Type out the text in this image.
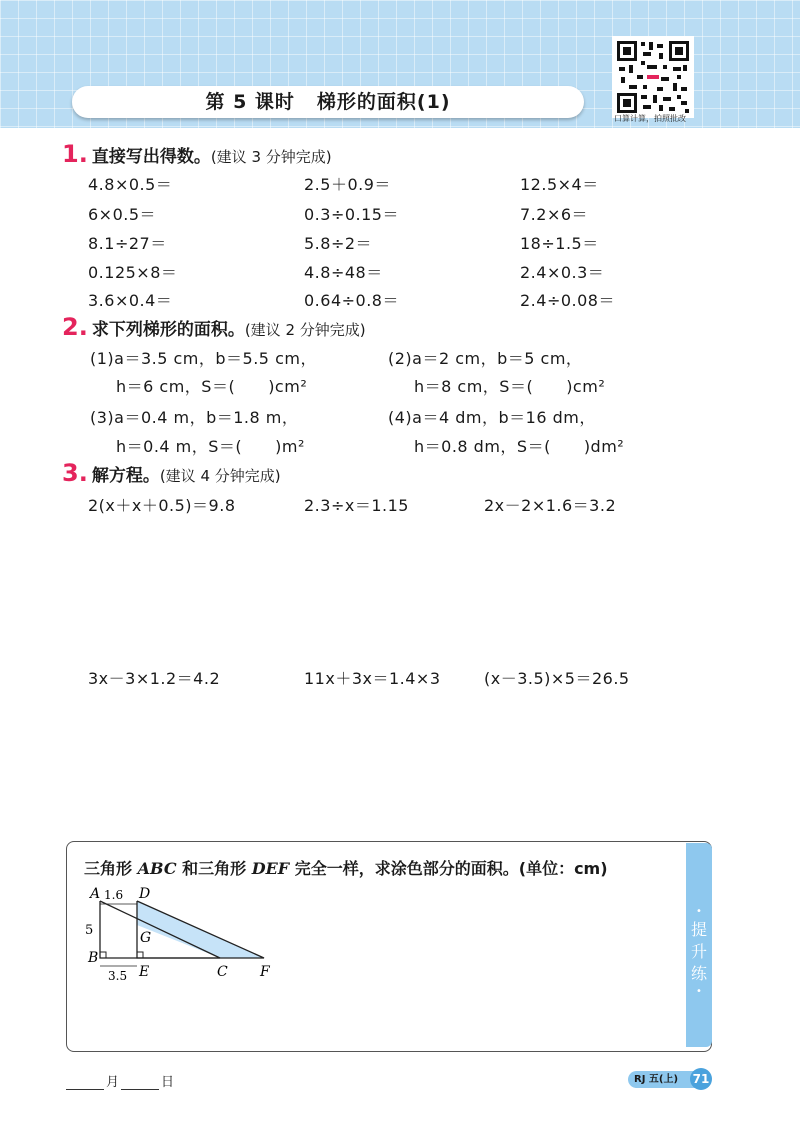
第 5 课时 梯形的面积(1)
口算计算，拍照批改
1. 直接写出得数。(建议 3 分钟完成)
4.8×0.5＝	2.5＋0.9＝	12.5×4＝
6×0.5＝	0.3÷0.15＝	7.2×6＝
8.1÷27＝	5.8÷2＝	18÷1.5＝
0.125×8＝	4.8÷48＝	2.4×0.3＝
3.6×0.4＝	0.64÷0.8＝	2.4÷0.08＝
2. 求下列梯形的面积。(建议 2 分钟完成)
(1)a＝3.5 cm，b＝5.5 cm，
h＝6 cm，S＝(　　)cm²
(2)a＝2 cm，b＝5 cm，
h＝8 cm，S＝(　　)cm²
(3)a＝0.4 m，b＝1.8 m，
h＝0.4 m，S＝(　　)m²
(4)a＝4 dm，b＝16 dm，
h＝0.8 dm，S＝(　　)dm²
3. 解方程。(建议 4 分钟完成)
2(x＋x＋0.5)＝9.8	2.3÷x＝1.15	2x－2×1.6＝3.2
3x－3×1.2＝4.2	11x＋3x＝1.4×3	(x－3.5)×5＝26.5
•
提
升
练
•
三角形 ABC 和三角形 DEF 完全一样，求涂色部分的面积。(单位：cm)
A	D
1.6
5
B
G
E
3.5	C F
月	日	RJ 五(上)	71
